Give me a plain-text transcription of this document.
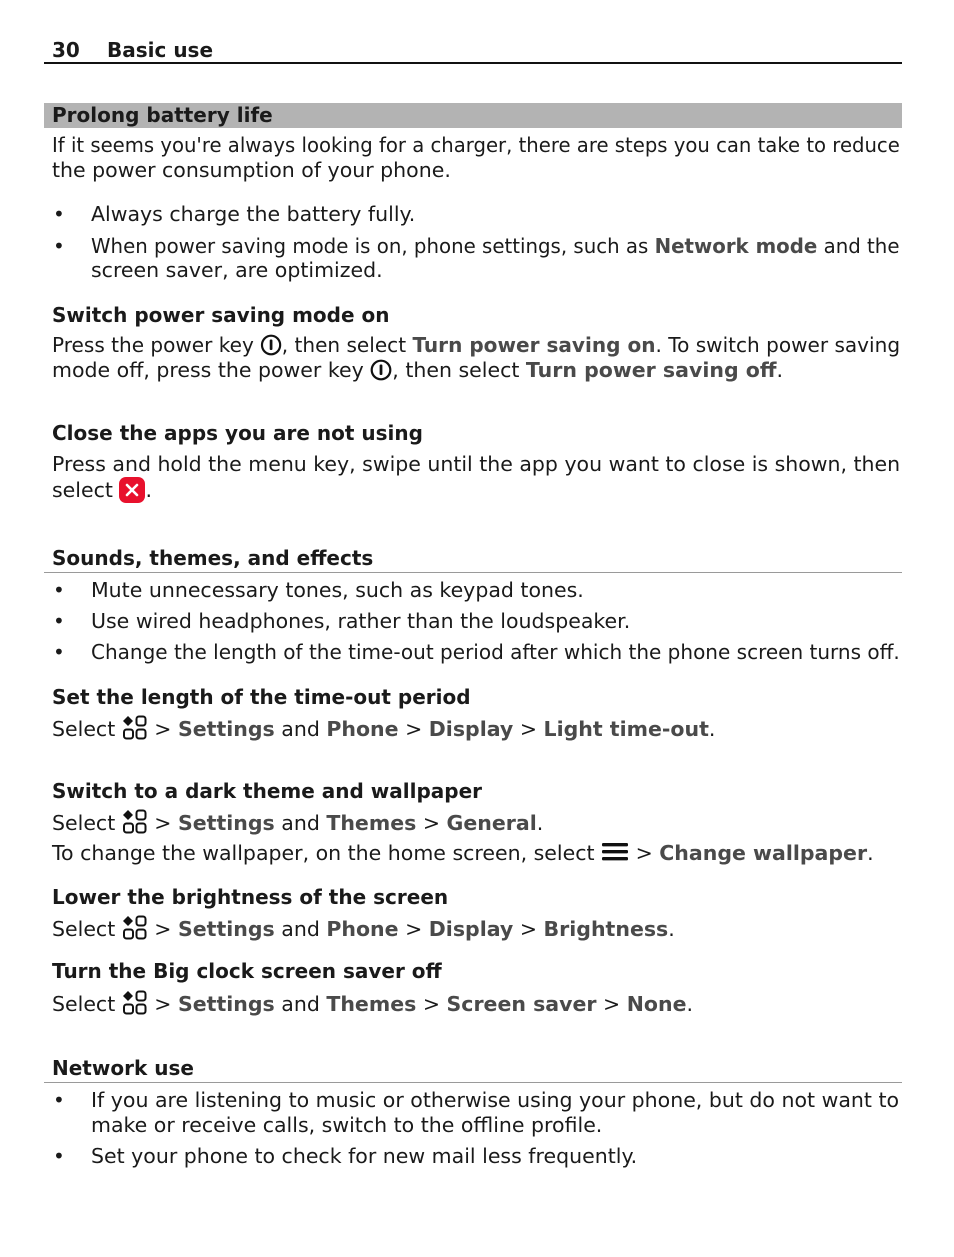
30 Basic use
Prolong battery life
If it seems you're always looking for a charger, there are steps you can take to reduce
the power consumption of your phone.
• Always charge the battery fully.
• When power saving mode is on, phone settings, such as Network mode and the
screen saver, are optimized.
Switch power saving mode on
Press the power key , then select Turn power saving on. To switch power saving
mode off, press the power key , then select Turn power saving off.
Close the apps you are not using
Press and hold the menu key, swipe until the app you want to close is shown, then
select .
Sounds, themes, and effects
• Mute unnecessary tones, such as keypad tones.
• Use wired headphones, rather than the loudspeaker.
• Change the length of the time-out period after which the phone screen turns off.
Set the length of the time-out period
Select  > Settings and Phone > Display > Light time-out.
Switch to a dark theme and wallpaper
Select  > Settings and Themes > General.
To change the wallpaper, on the home screen, select  > Change wallpaper.
Lower the brightness of the screen
Select  > Settings and Phone > Display > Brightness.
Turn the Big clock screen saver off
Select  > Settings and Themes > Screen saver > None.
Network use
• If you are listening to music or otherwise using your phone, but do not want to
make or receive calls, switch to the offline profile.
• Set your phone to check for new mail less frequently.
